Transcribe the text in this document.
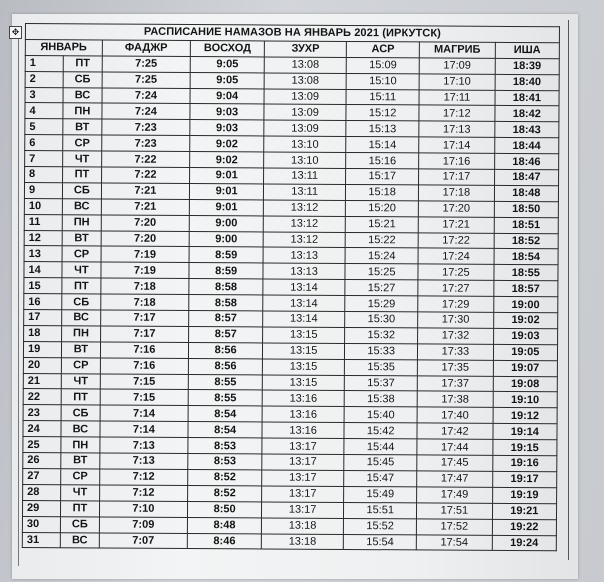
✥	РАСПИСАНИЕ НАМАЗОВ НА ЯНВАРЬ 2021 (ИРКУТСК)							
ЯНВАРЬ		ФАДЖР	ВОСХОД	ЗУХР	АСР	МАГРИБ	ИША
1	ПТ	7:25	9:05	13:08	15:09	17:09	18:39
2	СБ	7:25	9:05	13:08	15:10	17:10	18:40
3	ВС	7:24	9:04	13:09	15:11	17:11	18:41
4	ПН	7:24	9:03	13:09	15:12	17:12	18:42
5	ВТ	7:23	9:03	13:09	15:13	17:13	18:43
6	СР	7:23	9:02	13:10	15:14	17:14	18:44
7	ЧТ	7:22	9:02	13:10	15:16	17:16	18:46
8	ПТ	7:22	9:01	13:11	15:17	17:17	18:47
9	СБ	7:21	9:01	13:11	15:18	17:18	18:48
10	ВС	7:21	9:01	13:12	15:20	17:20	18:50
11	ПН	7:20	9:00	13:12	15:21	17:21	18:51
12	ВТ	7:20	9:00	13:12	15:22	17:22	18:52
13	СР	7:19	8:59	13:13	15:24	17:24	18:54
14	ЧТ	7:19	8:59	13:13	15:25	17:25	18:55
15	ПТ	7:18	8:58	13:14	15:27	17:27	18:57
16	СБ	7:18	8:58	13:14	15:29	17:29	19:00
17	ВС	7:17	8:57	13:14	15:30	17:30	19:02
18	ПН	7:17	8:57	13:15	15:32	17:32	19:03
19	ВТ	7:16	8:56	13:15	15:33	17:33	19:05
20	СР	7:16	8:56	13:15	15:35	17:35	19:07
21	ЧТ	7:15	8:55	13:15	15:37	17:37	19:08
22	ПТ	7:15	8:55	13:16	15:38	17:38	19:10
23	СБ	7:14	8:54	13:16	15:40	17:40	19:12
24	ВС	7:14	8:54	13:16	15:42	17:42	19:14
25	ПН	7:13	8:53	13:17	15:44	17:44	19:15
26	ВТ	7:13	8:53	13:17	15:45	17:45	19:16
27	СР	7:12	8:52	13:17	15:47	17:47	19:17
28	ЧТ	7:12	8:52	13:17	15:49	17:49	19:19
29	ПТ	7:10	8:50	13:17	15:51	17:51	19:21
30	СБ	7:09	8:48	13:18	15:52	17:52	19:22
31	ВС	7:07	8:46	13:18	15:54	17:54	19:24
